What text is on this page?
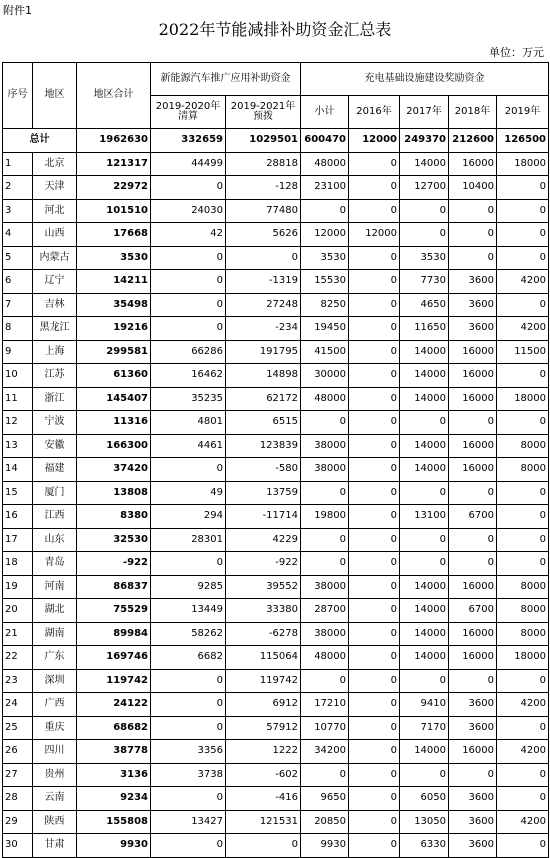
附件1
2022年节能减排补助资金汇总表
单位：万元
序号	地区	地区合计	新能源汽车推广应用补助资金		充电基础设施建设奖励资金				
			2019-2020年清算	2019-2021年预拨	小计	2016年	2017年	2018年	2019年
总计		1962630	332659	1029501	600470	12000	249370	212600	126500
1	北京	121317	44499	28818	48000	0	14000	16000	18000
2	天津	22972	0	-128	23100	0	12700	10400	0
3	河北	101510	24030	77480	0	0	0	0	0
4	山西	17668	42	5626	12000	12000	0	0	0
5	内蒙古	3530	0	0	3530	0	3530	0	0
6	辽宁	14211	0	-1319	15530	0	7730	3600	4200
7	吉林	35498	0	27248	8250	0	4650	3600	0
8	黑龙江	19216	0	-234	19450	0	11650	3600	4200
9	上海	299581	66286	191795	41500	0	14000	16000	11500
10	江苏	61360	16462	14898	30000	0	14000	16000	0
11	浙江	145407	35235	62172	48000	0	14000	16000	18000
12	宁波	11316	4801	6515	0	0	0	0	0
13	安徽	166300	4461	123839	38000	0	14000	16000	8000
14	福建	37420	0	-580	38000	0	14000	16000	8000
15	厦门	13808	49	13759	0	0	0	0	0
16	江西	8380	294	-11714	19800	0	13100	6700	0
17	山东	32530	28301	4229	0	0	0	0	0
18	青岛	-922	0	-922	0	0	0	0	0
19	河南	86837	9285	39552	38000	0	14000	16000	8000
20	湖北	75529	13449	33380	28700	0	14000	6700	8000
21	湖南	89984	58262	-6278	38000	0	14000	16000	8000
22	广东	169746	6682	115064	48000	0	14000	16000	18000
23	深圳	119742	0	119742	0	0	0	0	0
24	广西	24122	0	6912	17210	0	9410	3600	4200
25	重庆	68682	0	57912	10770	0	7170	3600	0
26	四川	38778	3356	1222	34200	0	14000	16000	4200
27	贵州	3136	3738	-602	0	0	0	0	0
28	云南	9234	0	-416	9650	0	6050	3600	0
29	陕西	155808	13427	121531	20850	0	13050	3600	4200
30	甘肃	9930	0	0	9930	0	6330	3600	0
